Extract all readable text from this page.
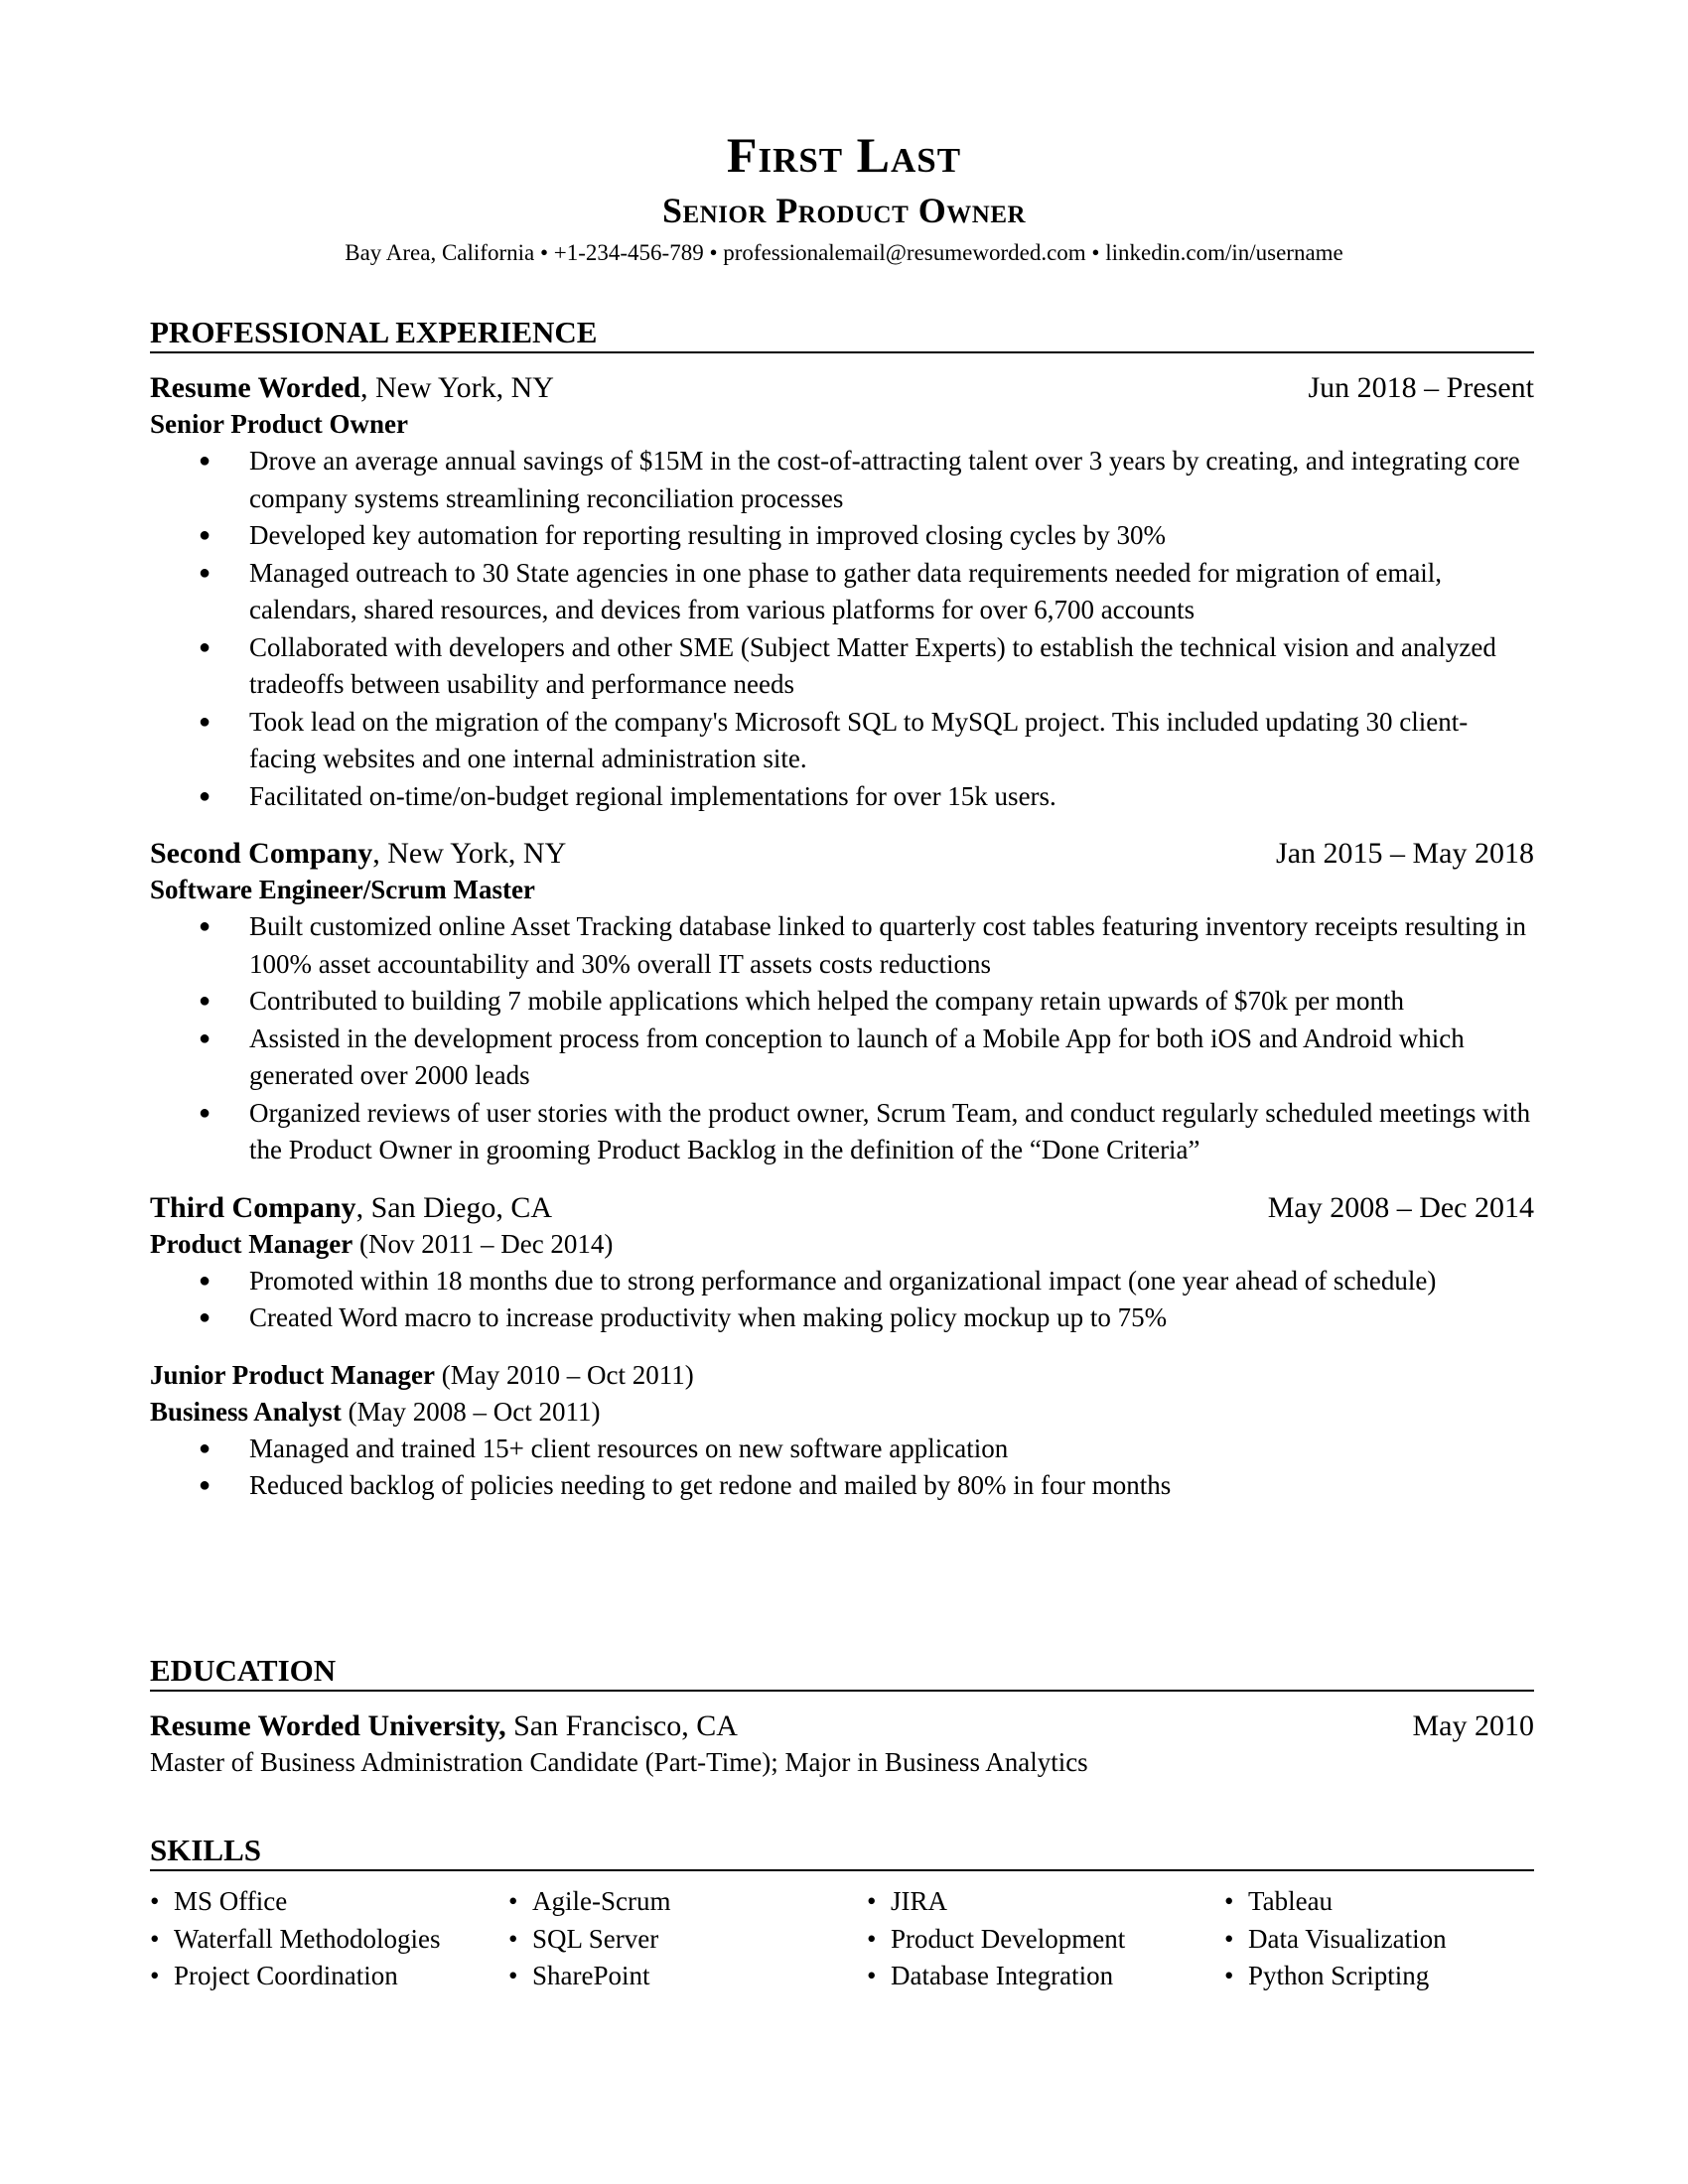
First Last
Senior Product Owner
Bay Area, California • +1-234-456-789 • professionalemail@resumeworded.com • linkedin.com/in/username
PROFESSIONAL EXPERIENCE
Resume Worded, New York, NY	Jun 2018 – Present
Senior Product Owner
● Drove an average annual savings of $15M in the cost-of-attracting talent over 3 years by creating, and integrating core company systems streamlining reconciliation processes
● Developed key automation for reporting resulting in improved closing cycles by 30%
● Managed outreach to 30 State agencies in one phase to gather data requirements needed for migration of email, calendars, shared resources, and devices from various platforms for over 6,700 accounts
● Collaborated with developers and other SME (Subject Matter Experts) to establish the technical vision and analyzed tradeoffs between usability and performance needs
● Took lead on the migration of the company's Microsoft SQL to MySQL project. This included updating 30 client-facing websites and one internal administration site.
● Facilitated on-time/on-budget regional implementations for over 15k users.
Second Company, New York, NY	Jan 2015 – May 2018
Software Engineer/Scrum Master
● Built customized online Asset Tracking database linked to quarterly cost tables featuring inventory receipts resulting in 100% asset accountability and 30% overall IT assets costs reductions
● Contributed to building 7 mobile applications which helped the company retain upwards of $70k per month
● Assisted in the development process from conception to launch of a Mobile App for both iOS and Android which generated over 2000 leads
● Organized reviews of user stories with the product owner, Scrum Team, and conduct regularly scheduled meetings with the Product Owner in grooming Product Backlog in the definition of the “Done Criteria”
Third Company, San Diego, CA	May 2008 – Dec 2014
Product Manager (Nov 2011 – Dec 2014)
● Promoted within 18 months due to strong performance and organizational impact (one year ahead of schedule)
● Created Word macro to increase productivity when making policy mockup up to 75%
Junior Product Manager (May 2010 – Oct 2011)
Business Analyst (May 2008 – Oct 2011)
● Managed and trained 15+ client resources on new software application
● Reduced backlog of policies needing to get redone and mailed by 80% in four months
EDUCATION
Resume Worded University, San Francisco, CA	May 2010
Master of Business Administration Candidate (Part-Time); Major in Business Analytics
SKILLS
• MS Office
• Waterfall Methodologies
• Project Coordination
• Agile-Scrum
• SQL Server
• SharePoint
• JIRA
• Product Development
• Database Integration
• Tableau
• Data Visualization
• Python Scripting
